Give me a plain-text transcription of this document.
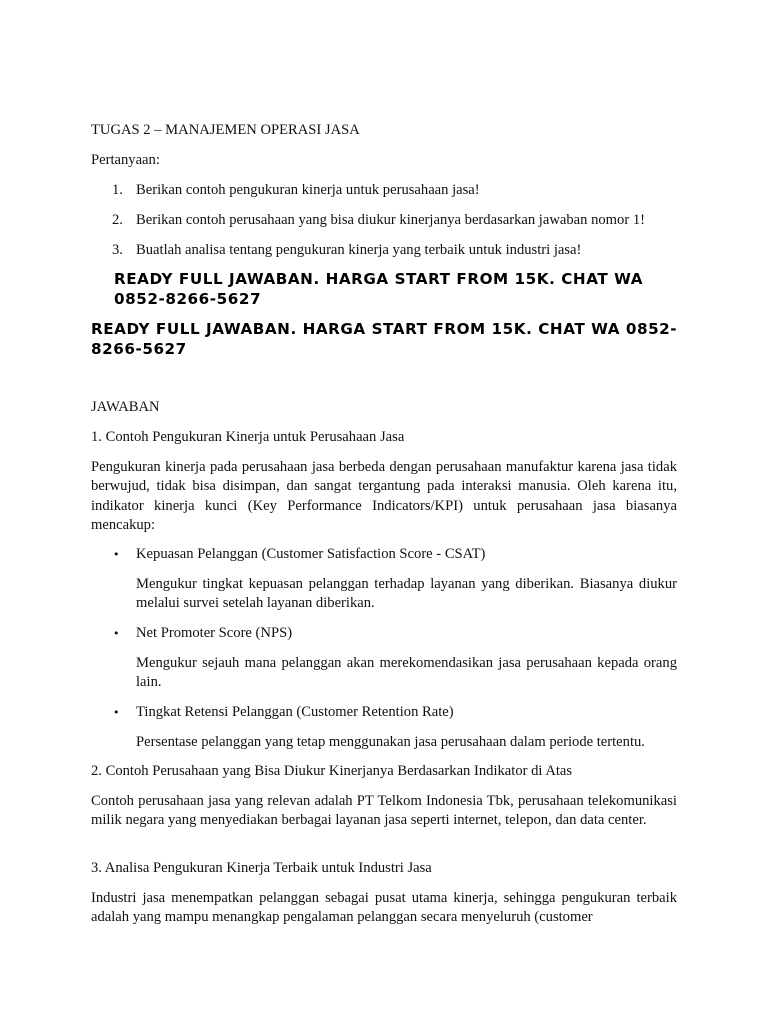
TUGAS 2 – MANAJEMEN OPERASI JASA

Pertanyaan:

1. Berikan contoh pengukuran kinerja untuk perusahaan jasa!
2. Berikan contoh perusahaan yang bisa diukur kinerjanya berdasarkan jawaban nomor 1!
3. Buatlah analisa tentang pengukuran kinerja yang terbaik untuk industri jasa!

READY FULL JAWABAN. HARGA START FROM 15K. CHAT WA 0852-8266-5627

READY FULL JAWABAN. HARGA START FROM 15K. CHAT WA 0852-8266-5627

JAWABAN

1. Contoh Pengukuran Kinerja untuk Perusahaan Jasa

Pengukuran kinerja pada perusahaan jasa berbeda dengan perusahaan manufaktur karena jasa tidak berwujud, tidak bisa disimpan, dan sangat tergantung pada interaksi manusia. Oleh karena itu, indikator kinerja kunci (Key Performance Indicators/KPI) untuk perusahaan jasa biasanya mencakup:

• Kepuasan Pelanggan (Customer Satisfaction Score - CSAT)

Mengukur tingkat kepuasan pelanggan terhadap layanan yang diberikan. Biasanya diukur melalui survei setelah layanan diberikan.

• Net Promoter Score (NPS)

Mengukur sejauh mana pelanggan akan merekomendasikan jasa perusahaan kepada orang lain.

• Tingkat Retensi Pelanggan (Customer Retention Rate)

Persentase pelanggan yang tetap menggunakan jasa perusahaan dalam periode tertentu.

2. Contoh Perusahaan yang Bisa Diukur Kinerjanya Berdasarkan Indikator di Atas

Contoh perusahaan jasa yang relevan adalah PT Telkom Indonesia Tbk, perusahaan telekomunikasi milik negara yang menyediakan berbagai layanan jasa seperti internet, telepon, dan data center.

3. Analisa Pengukuran Kinerja Terbaik untuk Industri Jasa

Industri jasa menempatkan pelanggan sebagai pusat utama kinerja, sehingga pengukuran terbaik adalah yang mampu menangkap pengalaman pelanggan secara menyeluruh (customer
